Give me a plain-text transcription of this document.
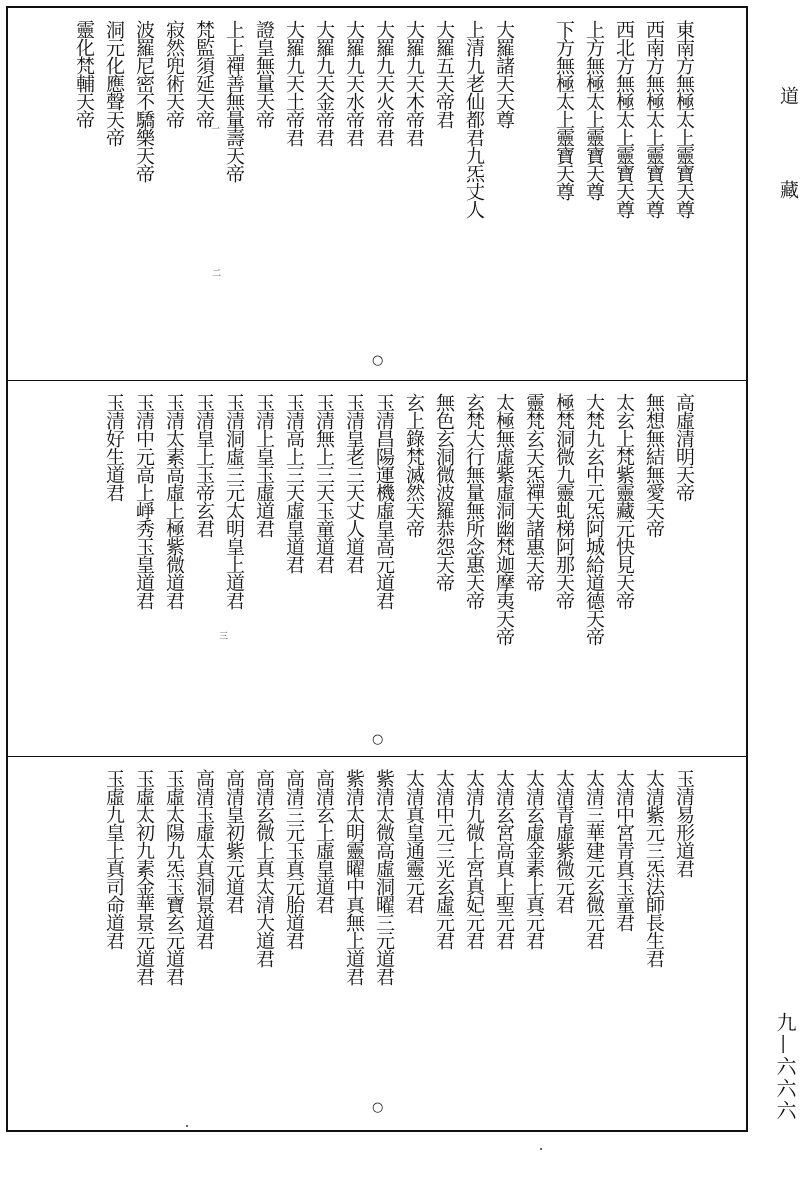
東南方無極太上靈寶天尊
西南方無極太上靈寶天尊
西北方無極太上靈寶天尊
上方無極太上靈寶天尊
下方無極太上靈寶天尊
大羅諸天天尊
上清九老仙都君九炁丈人
大羅五天帝君
大羅九天木帝君
大羅九天火帝君
大羅九天水帝君
大羅九天金帝君
大羅九天土帝君
證皇無量天帝
上上禪善無量壽天帝
梵監須延天帝
寂然兜術天帝
波羅尼密不驕樂天帝
洞元化應聲天帝
靈化梵輔天帝
一
二
○
高虛清明天帝
無想無結無愛天帝
太玄上梵紫靈藏元快見天帝
大梵九玄中元炁阿城給道德天帝
極梵洞微九靈虬梯阿那天帝
靈梵玄天炁禪天諸惠天帝
太極無虛紫虛洞幽梵迦摩夷天帝
玄梵大行無量無所念惠天帝
無色玄洞微波羅恭怨天帝
玄上錄梵滅然天帝
玉清昌陽運機虛皇高元道君
玉清皇老三天丈人道君
玉清無上三天玉童道君
玉清高上三天虛皇道君
玉清上皇玉虛道君
玉清洞虛三元太明皇上道君
玉清皇上玉帝玄君
玉清太素高虛上極紫微道君
玉清中元高上崢秀玉皇道君
玉清好生道君
三
○
玉清易形道君
太清紫元三炁法師長生君
太清中宮青真玉童君
太清三華建元玄微元君
太清青虛紫微元君
太清玄虛金素上真元君
太清玄宮高真上聖元君
太清九微上宮真妃元君
太清中元三光玄虛元君
太清真皇通靈元君
紫清太微高虛洞曜三元道君
紫清太明靈曜中真無上道君
高清玄上虛皇道君
高清三元玉真元胎道君
高清玄微上真太清大道君
高清皇初紫元道君
高清玉虛太真洞景道君
玉虛太陽九炁玉寶玄元道君
玉虛太初九素金華景元道君
玉虛九皇上真司命道君
○
道
藏
九—六六六
